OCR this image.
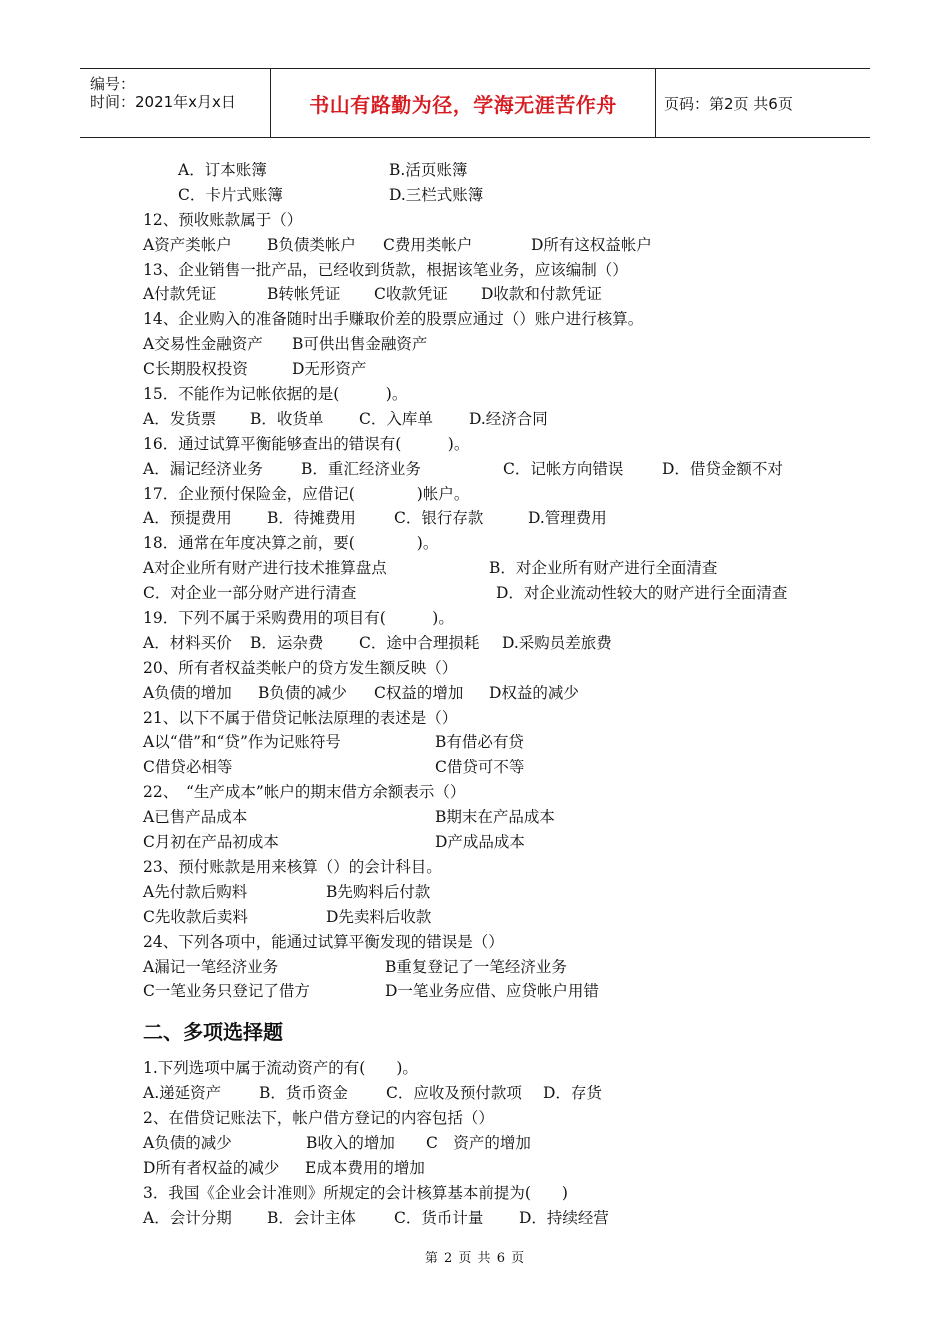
编号：
时间：2021年x月x日	书山有路勤为径，学海无涯苦作舟	页码：第2页 共6页
A．订本账簿	B.活页账簿
C．卡片式账簿	D.三栏式账簿
12、预收账款属于（）
A资产类帐户 B负债类帐户 C费用类帐户	D所有这权益帐户
13、企业销售一批产品，已经收到货款，根据该笔业务，应该编制（）
A付款凭证	B转帐凭证 C收款凭证 D收款和付款凭证
14、企业购入的准备随时出手赚取价差的股票应通过（）账户进行核算。
A交易性金融资产 B可供出售金融资产
C长期股权投资	D无形资产
15．不能作为记帐依据的是(　　　)。
A．发货票 B．收货单 C．入库单 D.经济合同
16．通过试算平衡能够查出的错误有(　　　)。
A．漏记经济业务 B．重汇经济业务	C．记帐方向错误 D．借贷金额不对
17．企业预付保险金，应借记(　　　　)帐户。
A．预提费用 B．待摊费用 C．银行存款	D.管理费用
18．通常在年度决算之前，要(　　　　)。
A对企业所有财产进行技术推算盘点	B．对企业所有财产进行全面清查
C．对企业一部分财产进行清查	D．对企业流动性较大的财产进行全面清查
19．下列不属于采购费用的项目有(　　　)。
A．材料买价 B．运杂费 C．途中合理损耗 D.采购员差旅费
20、所有者权益类帐户的贷方发生额反映（）
A负债的增加 B负债的减少 C权益的增加 D权益的减少
21、以下不属于借贷记帐法原理的表述是（）
A以“借”和“贷”作为记账符号	B有借必有贷
C借贷必相等	C借贷可不等
22、　“生产成本”帐户的期末借方余额表示（）
A已售产品成本	B期末在产品成本
C月初在产品初成本	D产成品成本
23、预付账款是用来核算（）的会计科目。
A先付款后购料	B先购料后付款
C先收款后卖料	D先卖料后收款
24、下列各项中，能通过试算平衡发现的错误是（）
A漏记一笔经济业务	B重复登记了一笔经济业务
C一笔业务只登记了借方	D一笔业务应借、应贷帐户用错
二、多项选择题
1.下列选项中属于流动资产的有(　　)。
A.递延资产 B．货币资金 C．应收及预付款项 D．存货
2、在借贷记账法下，帐户借方登记的内容包括（）
A负债的减少	B收入的增加 C　资产的增加
D所有者权益的减少 E成本费用的增加
3．我国《企业会计准则》所规定的会计核算基本前提为(　　)
A．会计分期 B．会计主体 C．货币计量 D．持续经营
第 2 页 共 6 页
